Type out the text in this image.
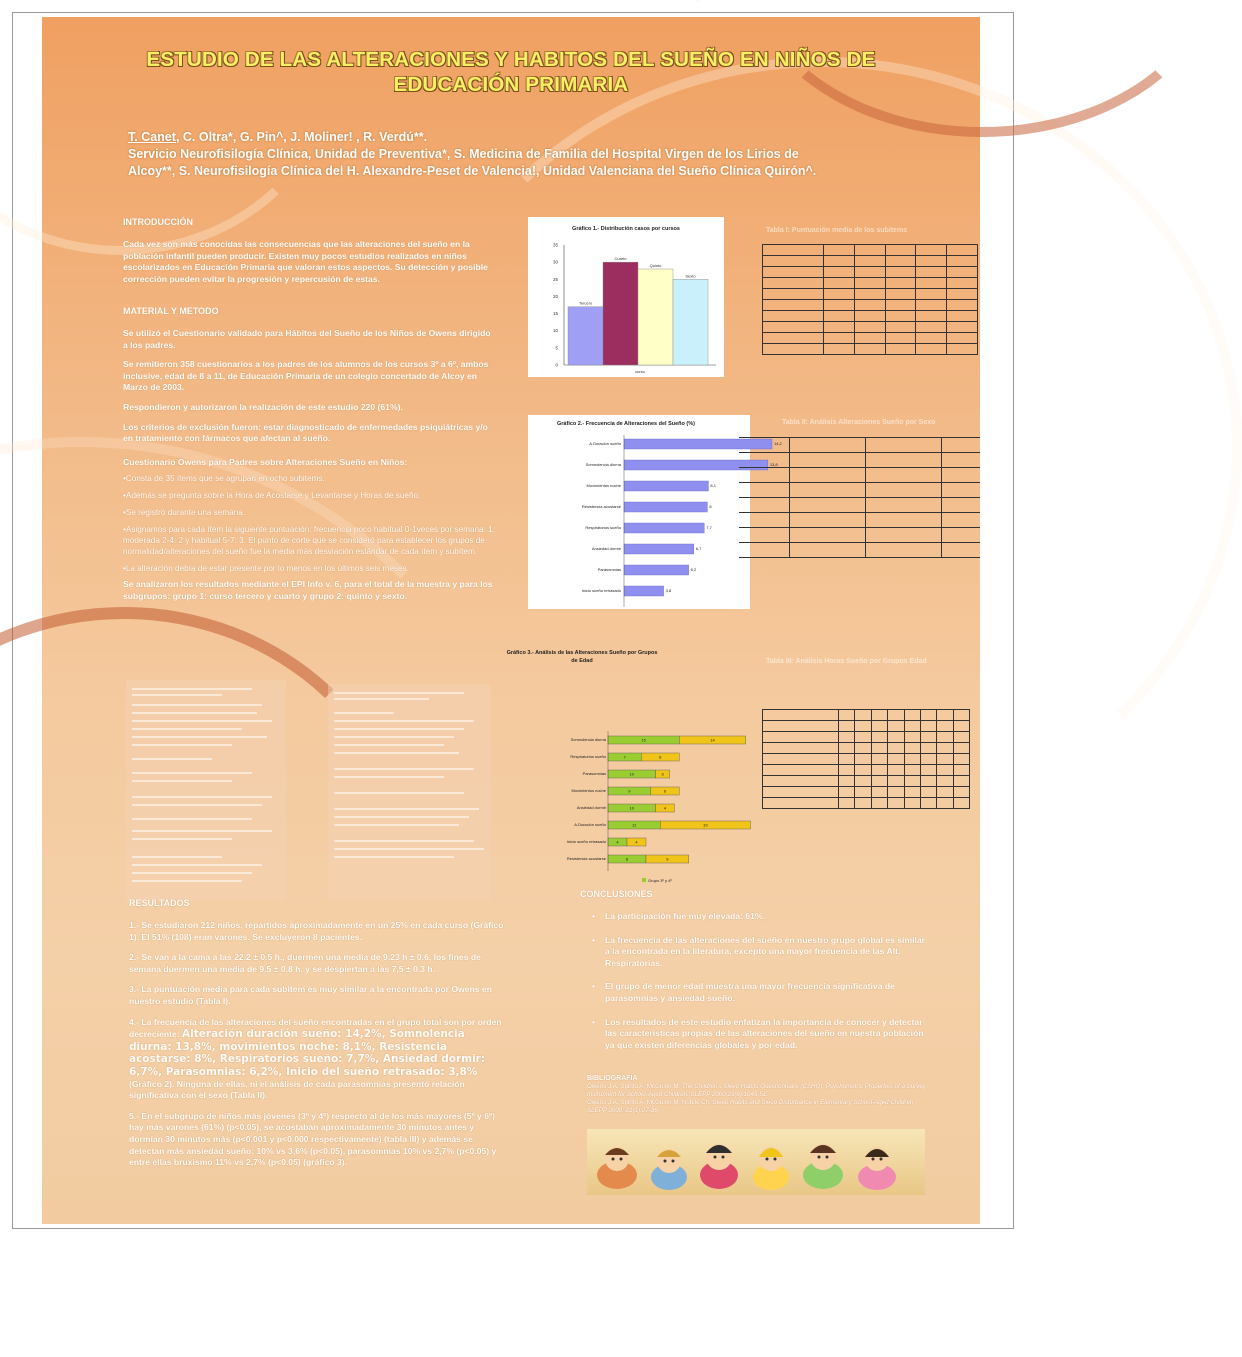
ESTUDIO DE LAS ALTERACIONES Y HABITOS DEL SUEÑO EN NIÑOS DE
EDUCACIÓN PRIMARIA
T. Canet, C. Oltra*, G. Pin^, J. Moliner! , R. Verdú**.
Servicio Neurofisilogía Clínica, Unidad de Preventiva*, S. Medicina de Familia del Hospital Virgen de los Lirios de
Alcoy**, S. Neurofisilogía Clínica del H. Alexandre-Peset de Valencia!, Unidad Valenciana del Sueño Clínica Quirón^.
INTRODUCCIÓN

Cada vez son más conocidas las consecuencias que las alteraciones del sueño en la población infantil pueden producir. Existen muy pocos estudios realizados en niños escolarizados en Educación Primaria que valoran estos aspectos. Su detección y posible corrección pueden evitar la progresión y repercusión de estas.

MATERIAL Y METODO

Se utilizó el Cuestionario validado para Hábitos del Sueño de los Niños de Owens dirigido a los padres.

Se remitieron 358 cuestionarios a los padres de los alumnos de los cursos 3º a 6º, ambos inclusive, edad de 8 a 11, de Educación Primaria de un colegio concertado de Alcoy en Marzo de 2003.

Respondieron y autorizaron la realización de este estudio 220 (61%).

Los criterios de exclusión fueron: estar diagnosticado de enfermedades psiquiátricas y/o en tratamiento con fármacos que afectan al sueño.

Cuestionario Owens para Padres sobre Alteraciones Sueño en Niños:

•Consta de 35 ítems que se agrupan en ocho subitems.

•Además se pregunta sobre la Hora de Acostarse y Levantarse y Horas de sueño.

•Se registró durante una semana.

•Asignamos para cada ítem la siguiente puntuación: frecuencia poco habitual 0-1veces por semana: 1; moderada 2-4: 2 y habitual 5-7: 3. El punto de corte que se consideró para establecer los grupos de normalidad/alteraciones del sueño fue la media más desviación estándar de cada ítem y subítem.

•La alteración debía de estar presente por lo menos en los últimos seis meses.

Se analizaron los resultados mediante el EPI Info v. 6, para el total de la muestra y para los subgrupos: grupo 1: curso tercero y cuarto y grupo 2: quinto y sexto.

RESULTADOS

1.- Se estudiaron 212 niños, repartidos aproximadamente en un 25% en cada curso (Gráfico 1). El 51% (108) eran varones. Se excluyeron 8 pacientes.

2.- Se van a la cama a las 22.2 ± 0.5 h., duermen una media de 9.23 h ± 0.6, los fines de semana duermen una media de 9.5 ± 0.8 h. y se despiertan a las 7,5 ± 0.3 h.

3.- La puntuación media para cada subitem es muy similar a la encontrada por Owens en nuestro estudio (Tabla I).

4.- La frecuencia de las alteraciones del sueño encontradas en el grupo total son por orden decreciente: Alteración duración sueño: 14,2%, Somnolencia diurna: 13,8%, movimientos noche: 8,1%, Resistencia acostarse: 8%, Respiratorios sueño: 7,7%, Ansiedad dormir: 6,7%, Parasomnias: 6,2%, Inicio del sueño retrasado: 3,8% (Gráfico 2). Ninguna de ellas, ni el análisis de cada parasomnias presentó relación significativa con el sexo (Tabla II).

5.- En el subgrupo de niños más jóvenes (3º y 4º) respecto al de los más mayores (5º y 6º) hay más varones (61%) (p<0.05), se acostaban aproximadamente 30 minutos antes y dormían 30 minutos más (p<0.001 y p<0.000 respectivamente) (tabla III) y además se detectan más ansiedad sueño: 10% vs 3,6% (p<0.05), parasomnias 10% vs 2,7% (p<0.05) y entre ellas bruxismo 11% vs 2,7% (p<0.05) (gráfico 3).

Gráfico 1.- Distribución casos por cursos
35
30
25
20
15
10
5
0
Tercero
Cuarto
Quinto
Sexto
curso
Gráfico 2.- Frecuencia de Alteraciones del Sueño (%)
A.Duración sueño	14,2
Somnolencia diurna	13,8
Movimientos noche	8,1
Resistencia acostarse	8
Respiratorios sueño	7,7
Ansiedad dormir	6,7
Parasomnias	6,2
Inicio sueño retrasado	3,8
Gráfico 3.- Análisis de las Alteraciones Sueño por Grupos
de Edad
Somnolencia diurna	15	14
Respiratorios sueño	7	8
Parasomnias	10	3
Movimientos noche	9	6
Ansiedad dormir	10	4
A.Duración sueño	11	19
Inicio sueño retrasado	4	4
Resistencia acostarse	8	9
Grupo 3º y 4º
Tabla I: Puntuación media de los subitems

Tabla II: Análisis Alteraciones Sueño por Sexo

Tabla III: Análisis Horas Sueño por Grupos Edad

CONCLUSIONES

• La participación fue muy elevada: 61%.

• La frecuencia de las alteraciones del sueño en nuestro grupo global es similar a la encontrada en la literatura, excepto una mayor frecuencia de las Alt. Respiratorias.

• El grupo de menor edad muestra una mayor frecuencia significativa de parasomnias y ansiedad sueño.

• Los resultados de este estudio enfatizan la importancia de conocer y detectar las características propias de las alteraciones del sueño en nuestra población ya que existen diferencias globales y por edad.

BIBLIOGRAFÍA
Owens J.A, Spirito A, McGuinn M. The Children's Sleep Habits Questionnaire (CSHQ): Psychometric Properties of a Survey Instrument for School-Aged Children. SLEPP 2000;23(8):1043-51.
Owens J.A, Spirito A, McGuinn M, Nobile Ch. Sleep Habits and Sleep Disturbance in Elementary School-Aged Children. SLEPP 2000; 21(1):27-36.
